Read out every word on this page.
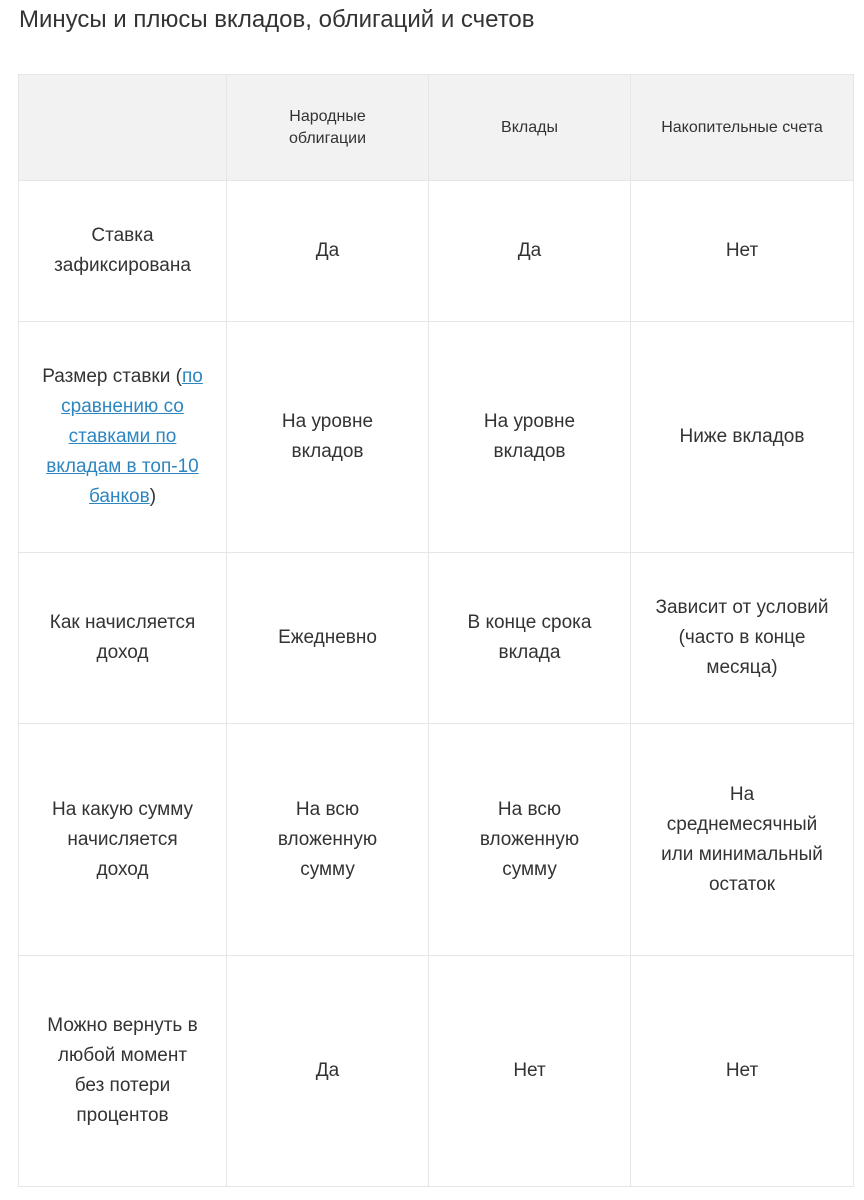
Минусы и плюсы вкладов, облигаций и счетов
	Народные облигации	Вклады	Накопительные счета
Ставка зафиксирована	Да	Да	Нет
Размер ставки (по сравнению со ставками по вкладам в топ-10 банков)	На уровне вкладов	На уровне вкладов	Ниже вкладов
Как начисляется доход	Ежедневно	В конце срока вклада	Зависит от условий (часто в конце месяца)
На какую сумму начисляется доход	На всю вложенную сумму	На всю вложенную сумму	На среднемесячный или минимальный остаток
Можно вернуть в любой момент без потери процентов	Да	Нет	Нет
